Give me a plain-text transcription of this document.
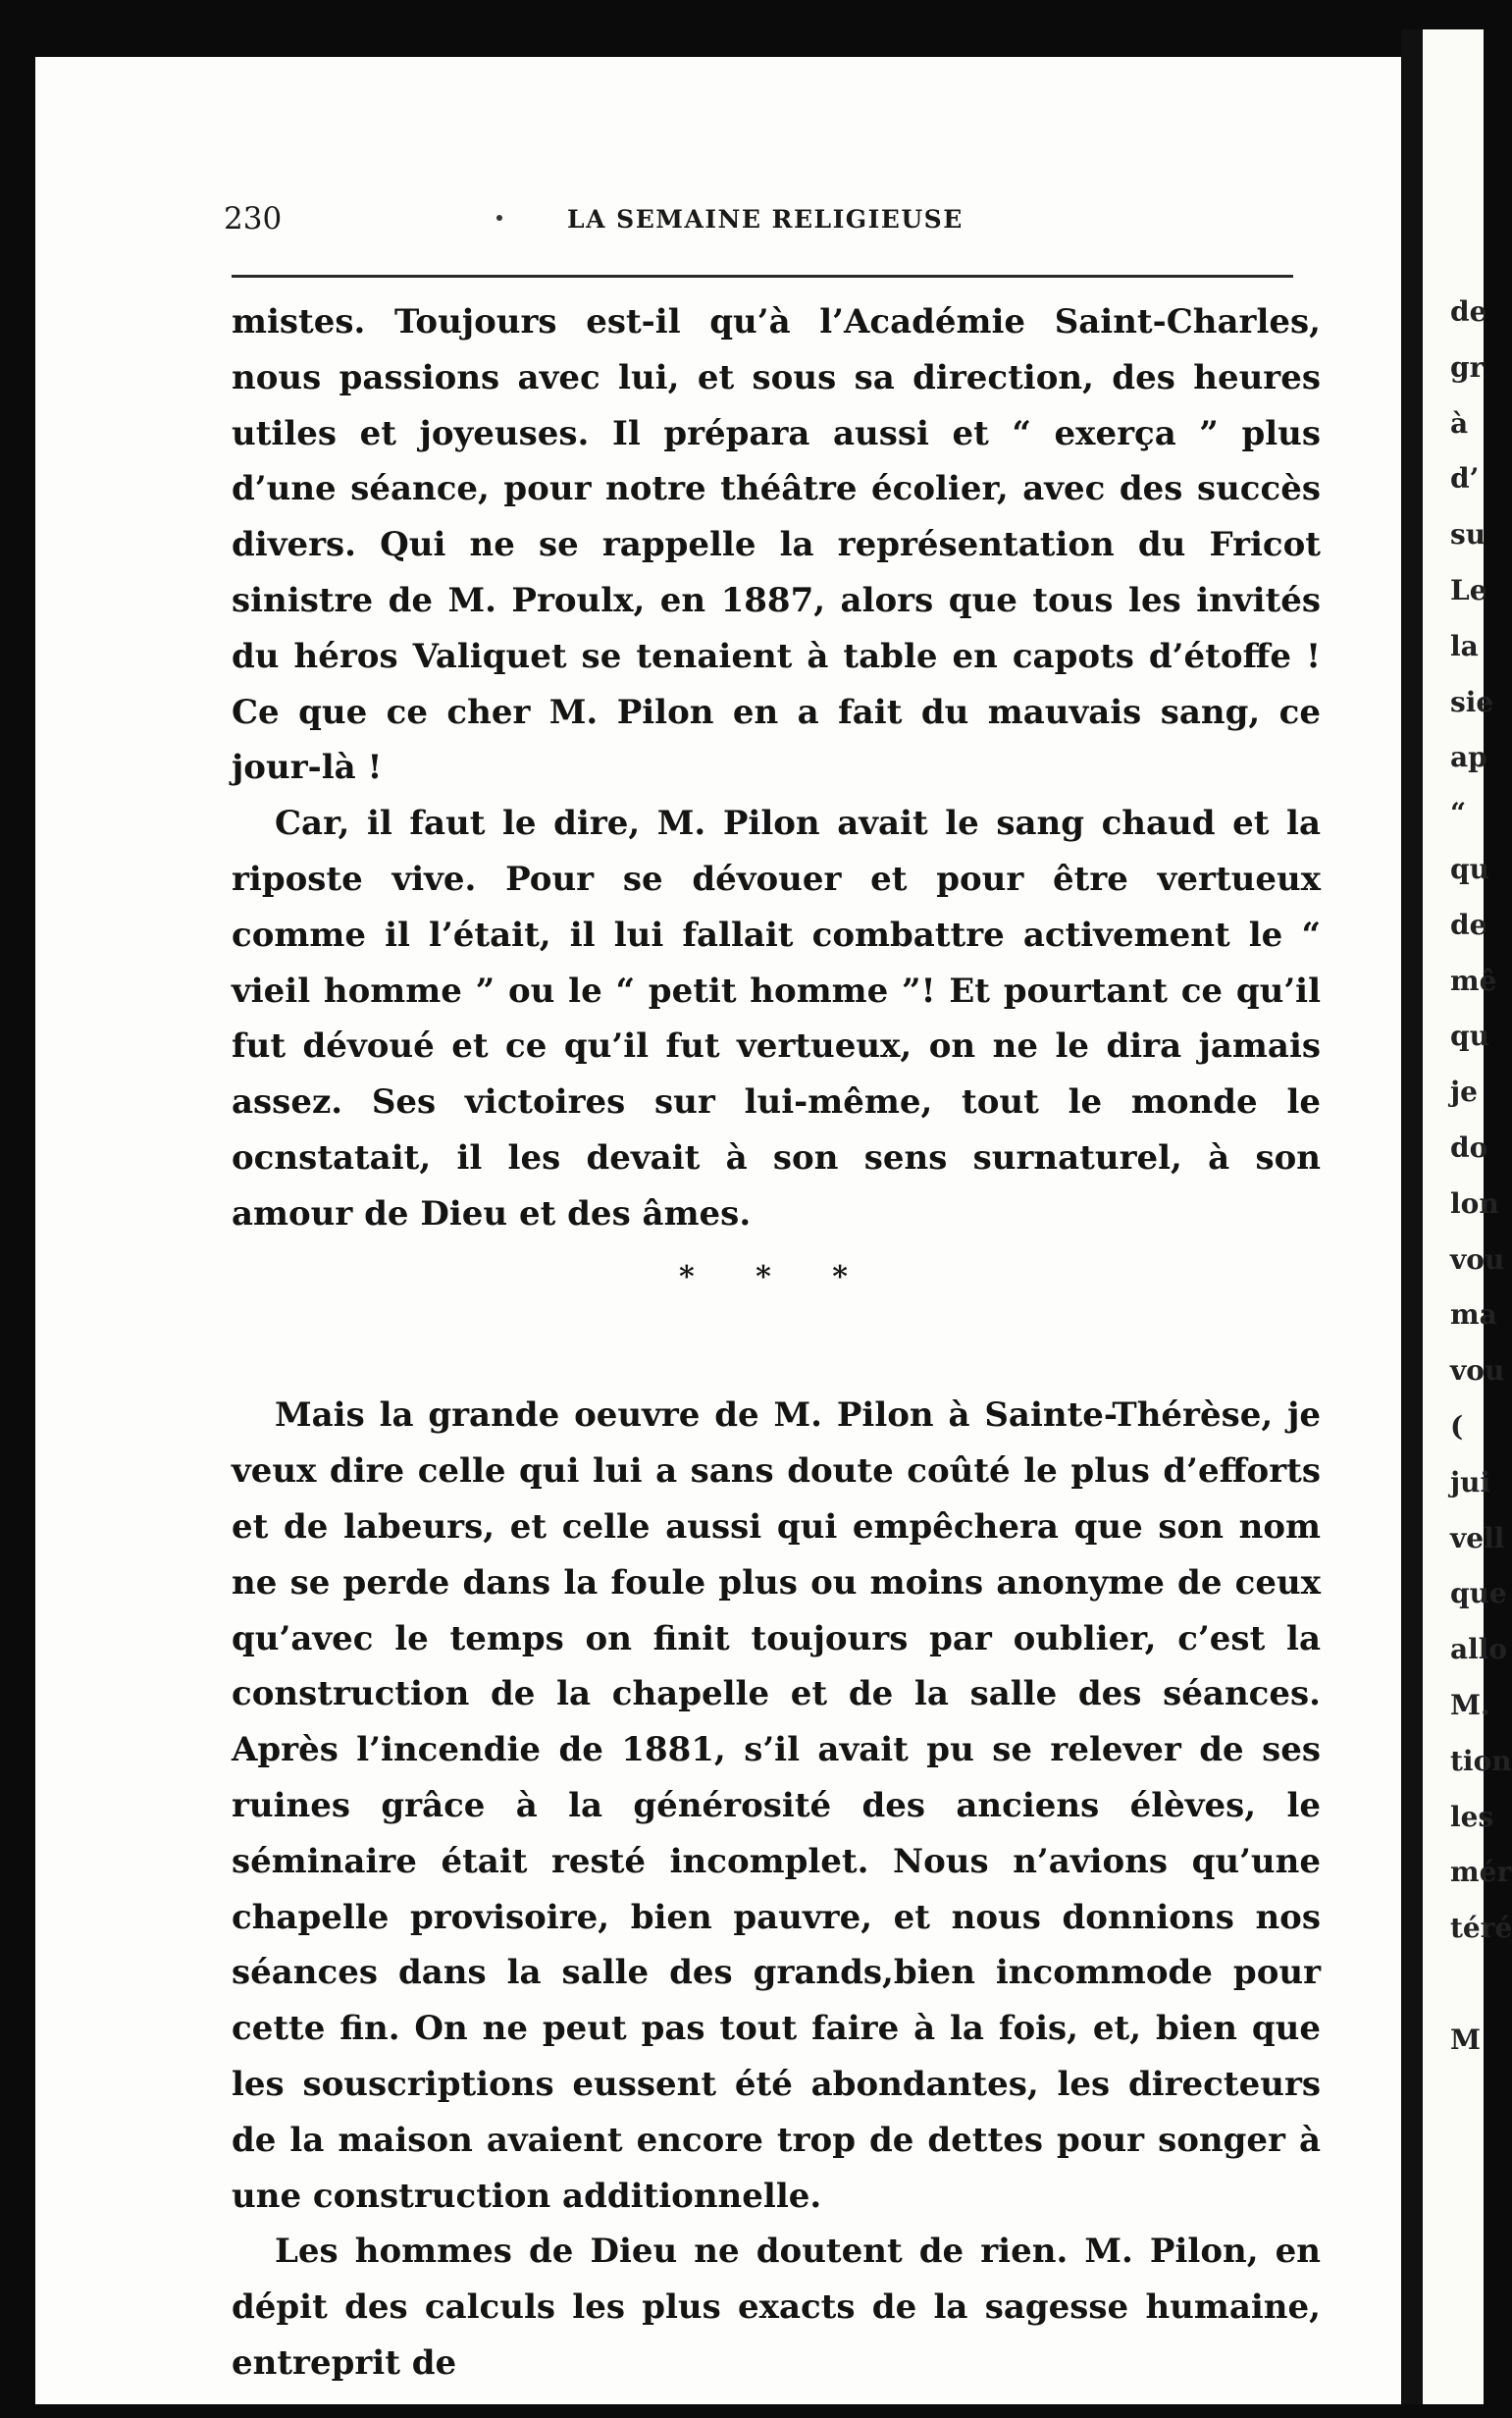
230	LA SEMAINE RELIGIEUSE

mistes. Toujours est-il qu’à l’Académie Saint-Charles, nous passions avec lui, et sous sa direction, des heures utiles et joyeuses. Il prépara aussi et “ exerça ” plus d’une séance, pour notre théâtre écolier, avec des succès divers. Qui ne se rappelle la représentation du Fricot sinistre de M. Proulx, en 1887, alors que tous les invités du héros Valiquet se tenaient à table en capots d’étoffe ! Ce que ce cher M. Pilon en a fait du mauvais sang, ce jour-là !

Car, il faut le dire, M. Pilon avait le sang chaud et la riposte vive. Pour se dévouer et pour être vertueux comme il l’était, il lui fallait combattre activement le “ vieil homme ” ou le “ petit homme ”! Et pourtant ce qu’il fut dévoué et ce qu’il fut vertueux, on ne le dira jamais assez. Ses victoires sur lui-même, tout le monde le ocnstatait, il les devait à son sens surnaturel, à son amour de Dieu et des âmes.

* * *

Mais la grande oeuvre de M. Pilon à Sainte-Thérèse, je veux dire celle qui lui a sans doute coûté le plus d’efforts et de labeurs, et celle aussi qui empêchera que son nom ne se perde dans la foule plus ou moins anonyme de ceux qu’avec le temps on finit toujours par oublier, c’est la construction de la chapelle et de la salle des séances. Après l’incendie de 1881, s’il avait pu se relever de ses ruines grâce à la générosité des anciens élèves, le séminaire était resté incomplet. Nous n’avions qu’une chapelle provisoire, bien pauvre, et nous donnions nos séances dans la salle des grands,bien incommode pour cette fin. On ne peut pas tout faire à la fois, et, bien que les souscriptions eussent été abondantes, les directeurs de la maison avaient encore trop de dettes pour songer à une construction additionnelle.

Les hommes de Dieu ne doutent de rien. M. Pilon, en dépit des calculs les plus exacts de la sagesse humaine, entreprit de

de
gr
à
d’
su
Le
la
sie
ap
“
qu
de
mê
qu
je
do
lon
vou
ma
vou
(
jui
vell
que
allo
M.
tion
les
mér
téré

M
